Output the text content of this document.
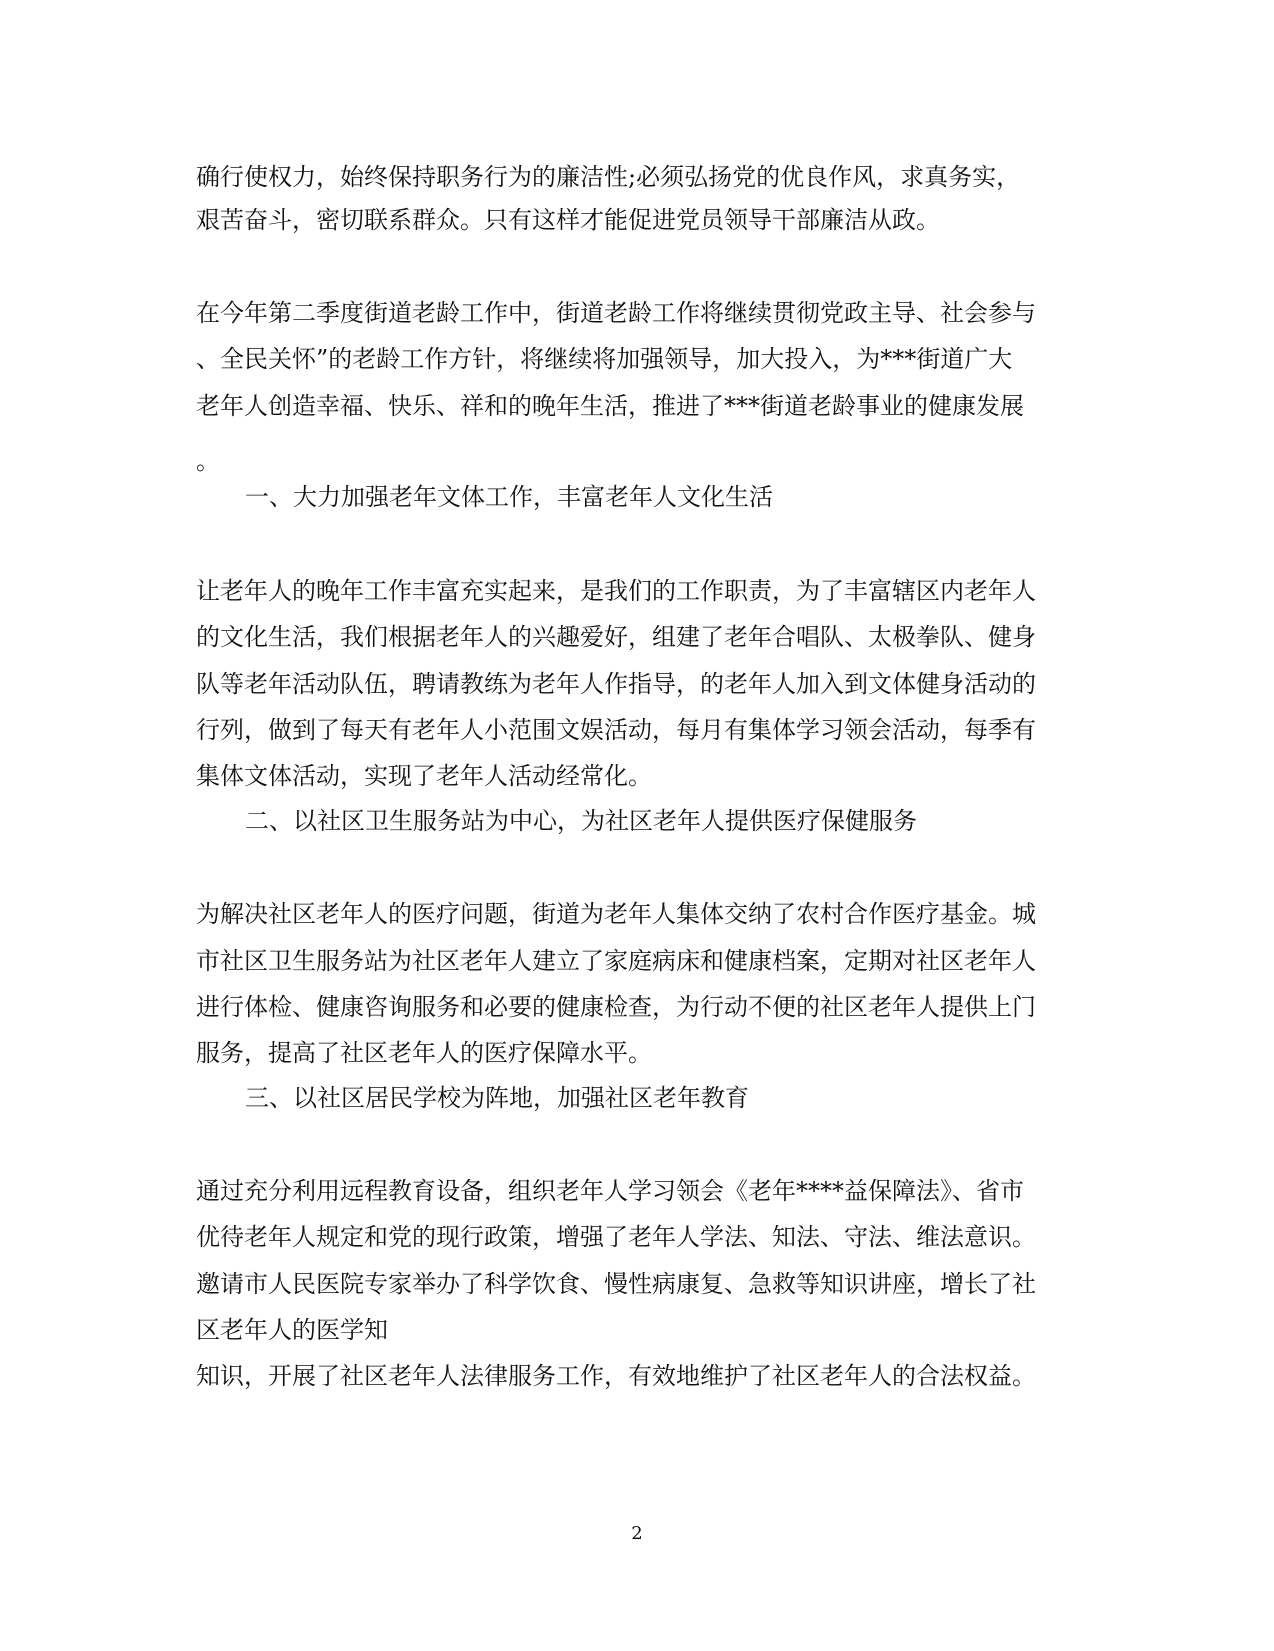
确行使权力，始终保持职务行为的廉洁性;必须弘扬党的优良作风，求真务实，
艰苦奋斗，密切联系群众。只有这样才能促进党员领导干部廉洁从政。
在今年第二季度街道老龄工作中，街道老龄工作将继续贯彻党政主导、社会参与
、全民关怀”的老龄工作方针，将继续将加强领导，加大投入，为***街道广大
老年人创造幸福、快乐、祥和的晚年生活，推进了***街道老龄事业的健康发展
。
一、大力加强老年文体工作，丰富老年人文化生活
让老年人的晚年工作丰富充实起来，是我们的工作职责，为了丰富辖区内老年人
的文化生活，我们根据老年人的兴趣爱好，组建了老年合唱队、太极拳队、健身
队等老年活动队伍，聘请教练为老年人作指导，的老年人加入到文体健身活动的
行列，做到了每天有老年人小范围文娱活动，每月有集体学习领会活动，每季有
集体文体活动，实现了老年人活动经常化。
二、以社区卫生服务站为中心，为社区老年人提供医疗保健服务
为解决社区老年人的医疗问题，街道为老年人集体交纳了农村合作医疗基金。城
市社区卫生服务站为社区老年人建立了家庭病床和健康档案，定期对社区老年人
进行体检、健康咨询服务和必要的健康检查，为行动不便的社区老年人提供上门
服务，提高了社区老年人的医疗保障水平。
三、以社区居民学校为阵地，加强社区老年教育
通过充分利用远程教育设备，组织老年人学习领会《老年****益保障法》、省市
优待老年人规定和党的现行政策，增强了老年人学法、知法、守法、维法意识。
邀请市人民医院专家举办了科学饮食、慢性病康复、急救等知识讲座，增长了社
区老年人的医学知
知识，开展了社区老年人法律服务工作，有效地维护了社区老年人的合法权益。
2
